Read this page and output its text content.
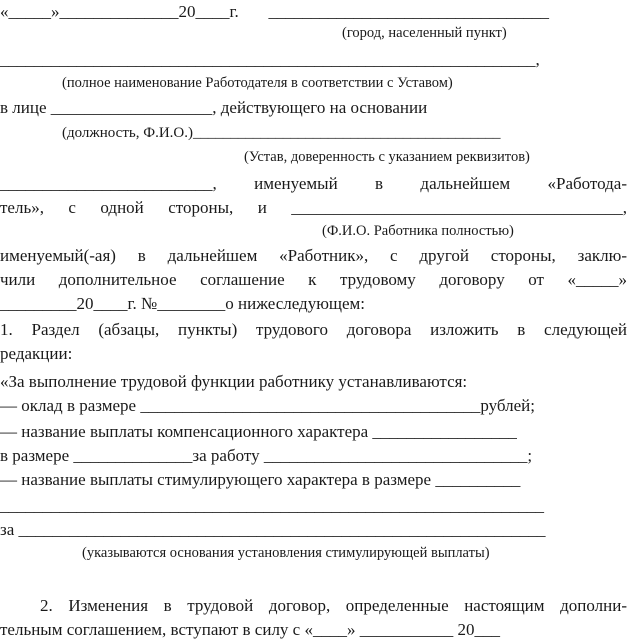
«_____»______________20____г.       _________________________________
(город, населенный пункт)
_______________________________________________________________,
(полное наименование Работодателя в соответствии с Уставом)
в лице ___________________, действующего на основании
(должность, Ф.И.О.)_________________________________________
(Устав, доверенность с указанием реквизитов)
_________________________, именуемый в дальнейшем «Работода-
тель», с одной стороны, и _______________________________________,
(Ф.И.О. Работника полностью)
именуемый(-ая) в дальнейшем «Работник», с другой стороны, заклю-
чили дополнительное соглашение к трудовому договору от «_____»
_________20____г. №________о нижеследующем:
1. Раздел (абзацы, пункты) трудового договора изложить в следующей
редакции:
«За выполнение трудовой функции работнику устанавливаются:
— оклад в размере ________________________________________рублей;
— название выплаты компенсационного характера _________________
в размере ______________за работу _______________________________;
— название выплаты стимулирующего характера в размере __________
________________________________________________________________
за ______________________________________________________________
(указываются основания установления стимулирующей выплаты)
2. Изменения в трудовой договор, определенные настоящим дополни-
тельным соглашением, вступают в силу с «____» ___________ 20___
